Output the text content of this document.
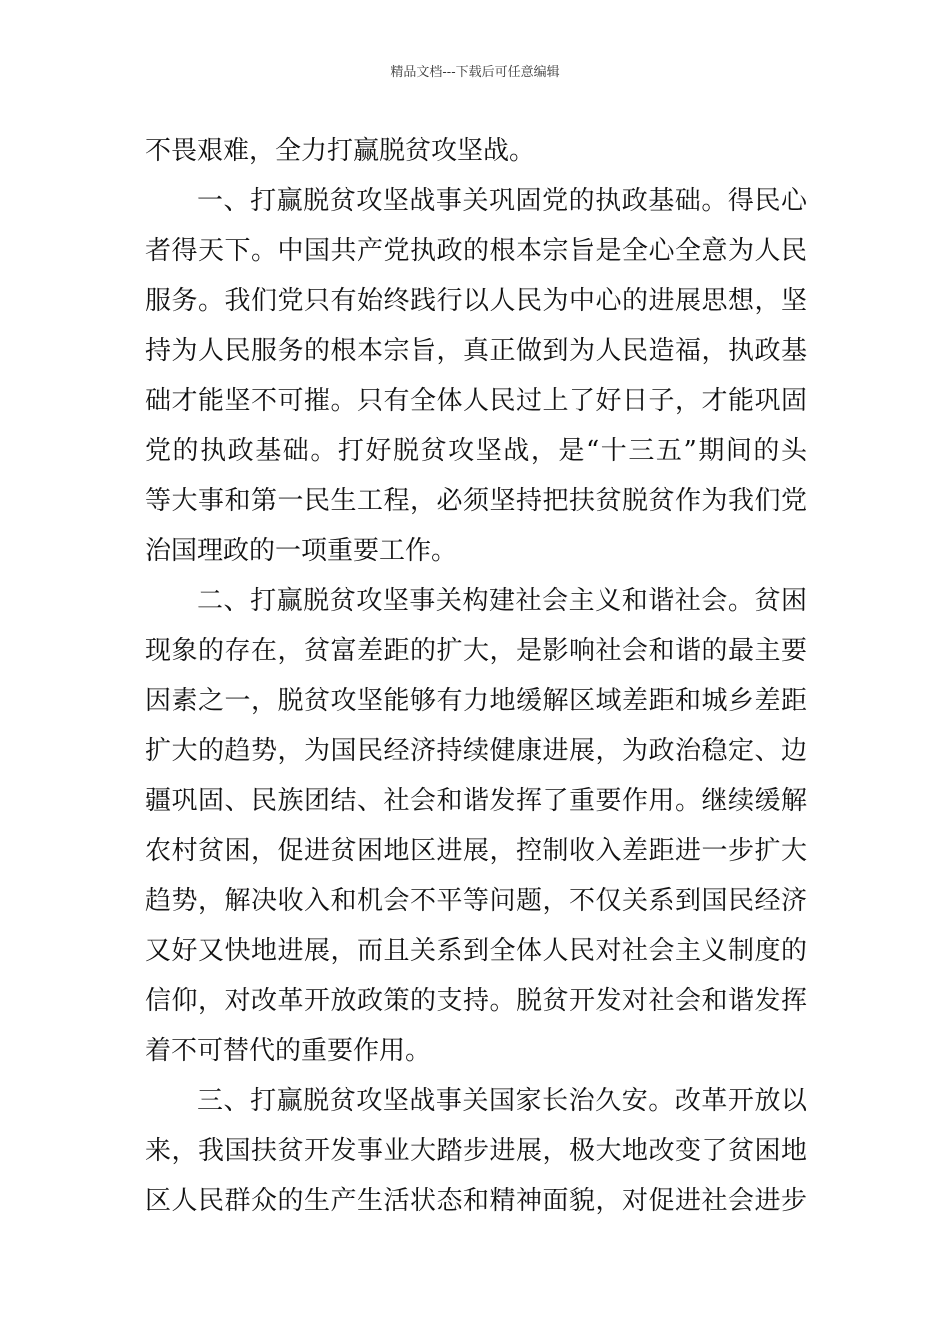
精品文档---下载后可任意编辑
不畏艰难，全力打赢脱贫攻坚战。
一、打赢脱贫攻坚战事关巩固党的执政基础。得民心
者得天下。中国共产党执政的根本宗旨是全心全意为人民
服务。我们党只有始终践行以人民为中心的进展思想，坚
持为人民服务的根本宗旨，真正做到为人民造福，执政基
础才能坚不可摧。只有全体人民过上了好日子，才能巩固
党的执政基础。打好脱贫攻坚战，是“十三五”期间的头
等大事和第一民生工程，必须坚持把扶贫脱贫作为我们党
治国理政的一项重要工作。
二、打赢脱贫攻坚事关构建社会主义和谐社会。贫困
现象的存在，贫富差距的扩大，是影响社会和谐的最主要
因素之一，脱贫攻坚能够有力地缓解区域差距和城乡差距
扩大的趋势，为国民经济持续健康进展，为政治稳定、边
疆巩固、民族团结、社会和谐发挥了重要作用。继续缓解
农村贫困，促进贫困地区进展，控制收入差距进一步扩大
趋势，解决收入和机会不平等问题，不仅关系到国民经济
又好又快地进展，而且关系到全体人民对社会主义制度的
信仰，对改革开放政策的支持。脱贫开发对社会和谐发挥
着不可替代的重要作用。
三、打赢脱贫攻坚战事关国家长治久安。改革开放以
来，我国扶贫开发事业大踏步进展，极大地改变了贫困地
区人民群众的生产生活状态和精神面貌，对促进社会进步
